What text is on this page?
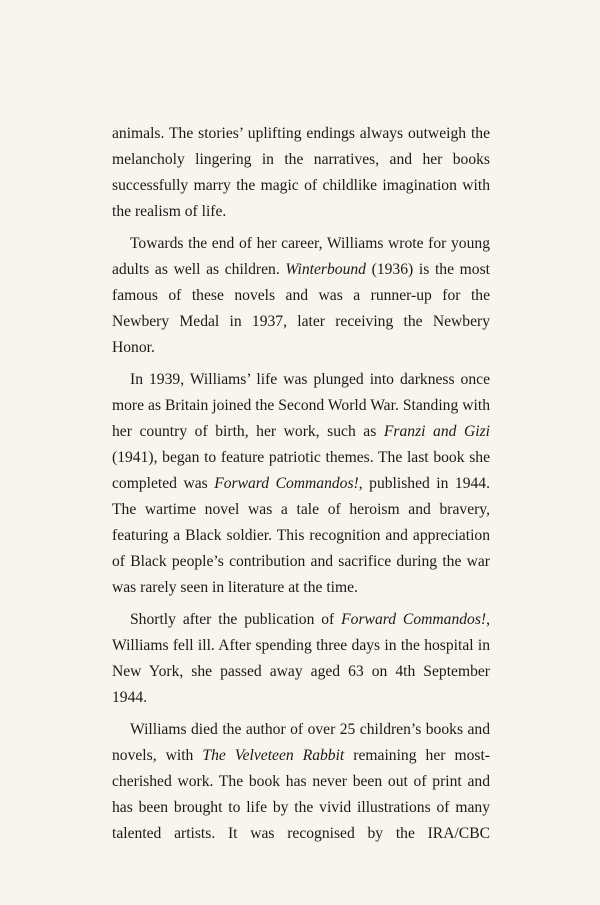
animals. The stories’ uplifting endings always outweigh the melancholy lingering in the narratives, and her books successfully marry the magic of childlike imagination with the realism of life.

Towards the end of her career, Williams wrote for young adults as well as children. Winterbound (1936) is the most famous of these novels and was a runner-up for the Newbery Medal in 1937, later receiving the Newbery Honor.

In 1939, Williams’ life was plunged into darkness once more as Britain joined the Second World War. Standing with her country of birth, her work, such as Franzi and Gizi (1941), began to feature patriotic themes. The last book she completed was Forward Commandos!, published in 1944. The wartime novel was a tale of heroism and bravery, featuring a Black soldier. This recognition and appreciation of Black people’s contribution and sacrifice during the war was rarely seen in literature at the time.

Shortly after the publication of Forward Commandos!, Williams fell ill. After spending three days in the hospital in New York, she passed away aged 63 on 4th September 1944.

Williams died the author of over 25 children’s books and novels, with The Velveteen Rabbit remaining her most-cherished work. The book has never been out of print and has been brought to life by the vivid illustrations of many talented artists. It was recognised by the IRA/CBC
